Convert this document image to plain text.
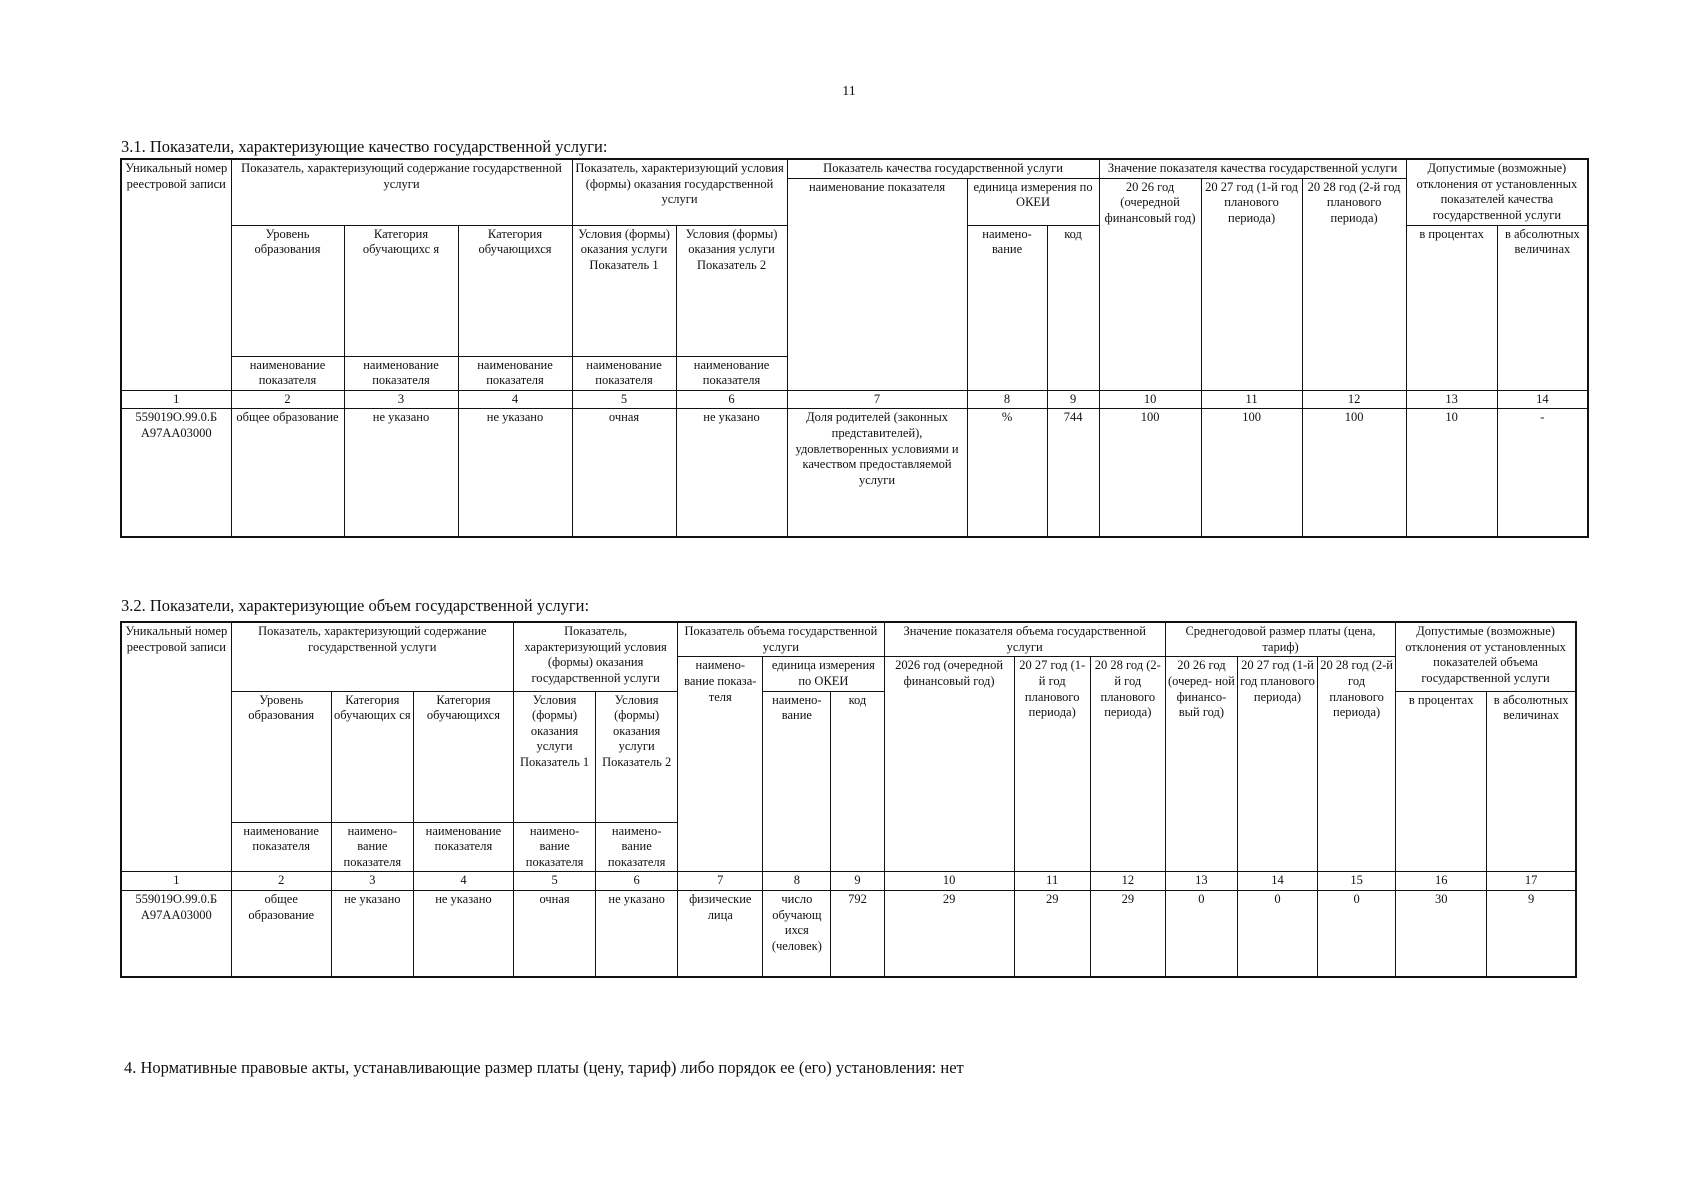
11
3.1. Показатели, характеризующие качество государственной услуги:
Уникальный номер реестровой записи	Показатель, характеризующий содержание государственной услуги			Показатель, характеризующий условия (формы) оказания государственной услуги		Показатель качества государственной услуги			Значение показателя качества государственной услуги			Допустимые (возможные) отклонения от установленных показателей качества государственной услуги	
						наименование показателя	единица измерения по ОКЕИ		20 26 год (очередной финансовый год)	20 27 год (1-й год планового периода)	20 28 год (2-й год планового периода)		
	Уровень образования	Категория обучающихс я	Категория обучающихся	Условия (формы) оказания услуги Показатель 1	Условия (формы) оказания услуги Показатель 2		наимено- вание	код				в процентах	в абсолютных величинах
	наименование показателя	наименование показателя	наименование показателя	наименование показателя	наименование показателя								
1	2	3	4	5	6	7	8	9	10	11	12	13	14
559019О.99.0.Б А97АА03000	общее образование	не указано	не указано	очная	не указано	Доля родителей (законных представителей), удовлетворенных условиями и качеством предоставляемой услуги	%	744	100	100	100	10	-
3.2. Показатели, характеризующие объем государственной услуги:
Уникальный номер реестровой записи	Показатель, характеризующий содержание государственной услуги			Показатель, характеризующий условия (формы) оказания государственной услуги		Показатель объема государственной услуги			Значение показателя объема государственной услуги			Среднегодовой размер платы (цена, тариф)			Допустимые (возможные) отклонения от установленных показателей объема государственной услуги	
						наимено- вание показа- теля	единица измерения по ОКЕИ		2026 год (очередной финансовый год)	20 27 год (1-й год планового периода)	20 28 год (2-й год планового периода)	20 26 год (очеред- ной финансо- вый год)	20 27 год (1-й год планового периода)	20 28 год (2-й год планового периода)		
	Уровень образования	Категория обучающих ся	Категория обучающихся	Условия (формы) оказания услуги Показатель 1	Условия (формы) оказания услуги Показатель 2		наимено- вание	код							в процентах	в абсолютных величинах
	наименование показателя	наимено- вание показателя	наименование показателя	наимено- вание показателя	наимено- вание показателя											
1	2	3	4	5	6	7	8	9	10	11	12	13	14	15	16	17
559019О.99.0.Б А97АА03000	общее образование	не указано	не указано	очная	не указано	физические лица	число обучающ ихся (человек)	792	29	29	29	0	0	0	30	9
4. Нормативные правовые акты, устанавливающие размер платы (цену, тариф) либо порядок ее (его) установления: нет
